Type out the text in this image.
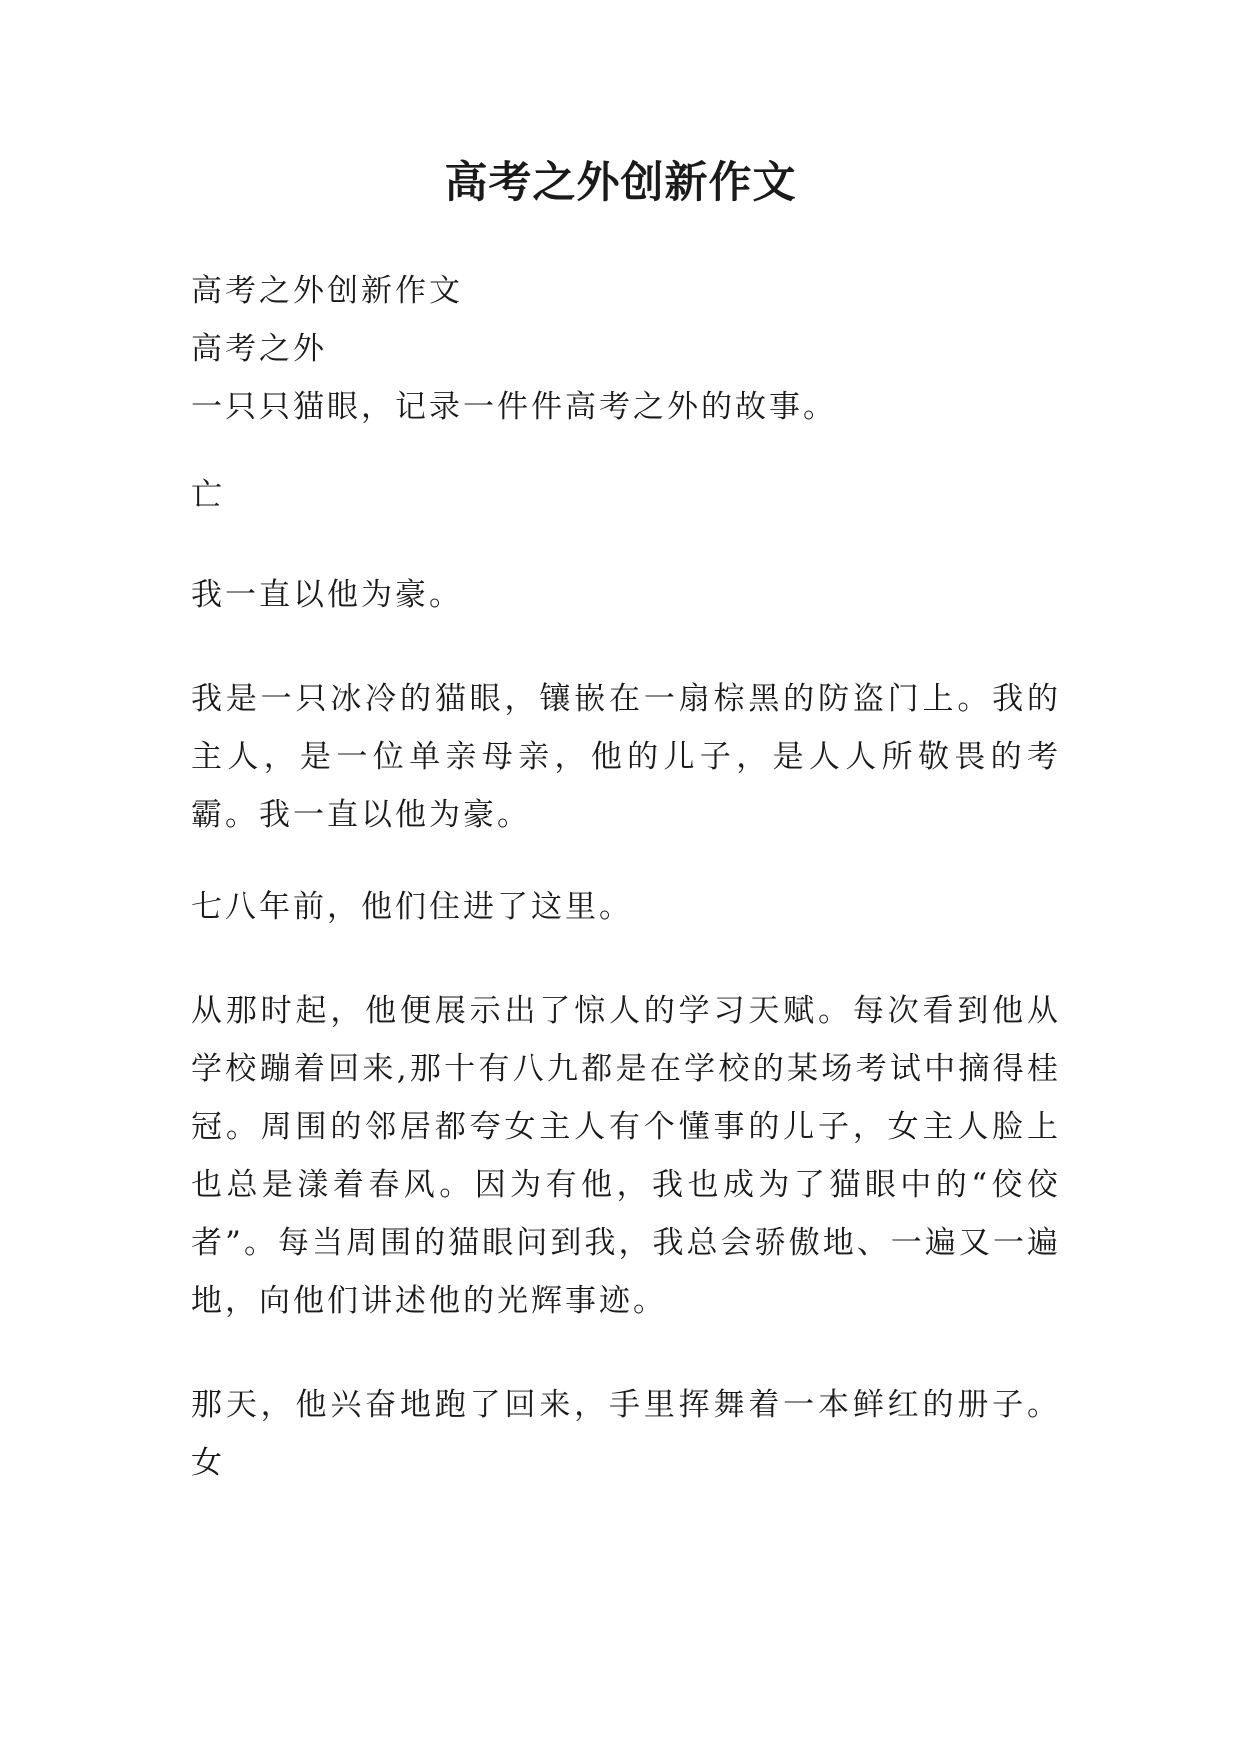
高考之外创新作文
高考之外创新作文
高考之外
一只只猫眼，记录一件件高考之外的故事。

亡

我一直以他为豪。

我是一只冰冷的猫眼，镶嵌在一扇棕黑的防盗门上。我的主人，是一位单亲母亲，他的儿子，是人人所敬畏的考霸。我一直以他为豪。

七八年前，他们住进了这里。

从那时起，他便展示出了惊人的学习天赋。每次看到他从学校蹦着回来,那十有八九都是在学校的某场考试中摘得桂冠。周围的邻居都夸女主人有个懂事的儿子，女主人脸上也总是漾着春风。因为有他，我也成为了猫眼中的“佼佼者”。每当周围的猫眼问到我，我总会骄傲地、一遍又一遍地，向他们讲述他的光辉事迹。

那天，他兴奋地跑了回来，手里挥舞着一本鲜红的册子。女
